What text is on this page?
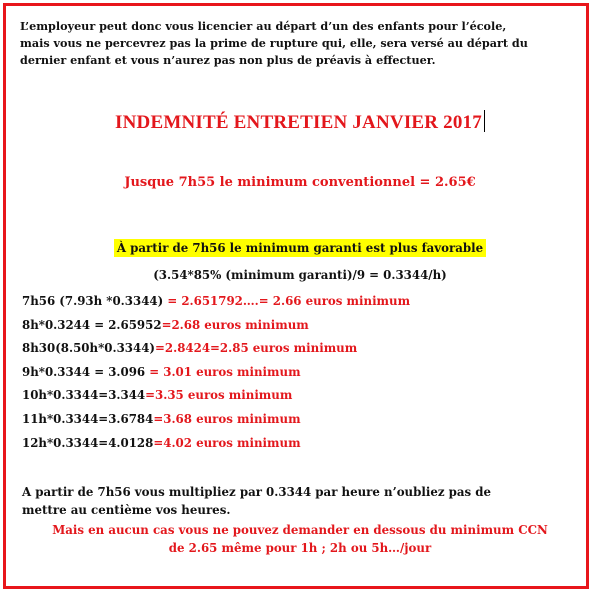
L’employeur peut donc vous licencier au départ d’un des enfants pour l’école,
mais vous ne percevrez pas la prime de rupture qui, elle, sera versé au départ du
dernier enfant et vous n’aurez pas non plus de préavis à effectuer.
INDEMNITÉ ENTRETIEN JANVIER 2017
Jusque 7h55 le minimum conventionnel = 2.65€
À partir de 7h56 le minimum garanti est plus favorable
(3.54*85% (minimum garanti)/9 = 0.3344/h)
7h56 (7.93h *0.3344) = 2.651792….= 2.66 euros minimum
8h*0.3244 = 2.65952=2.68 euros minimum
8h30(8.50h*0.3344)=2.8424=2.85 euros minimum
9h*0.3344 = 3.096 = 3.01 euros minimum
10h*0.3344=3.344=3.35 euros minimum
11h*0.3344=3.6784=3.68 euros minimum
12h*0.3344=4.0128=4.02 euros minimum
A partir de 7h56 vous multipliez par 0.3344 par heure n’oubliez pas de
mettre au centième vos heures.
Mais en aucun cas vous ne pouvez demander en dessous du minimum CCN
de 2.65 même pour 1h ; 2h ou 5h…/jour
